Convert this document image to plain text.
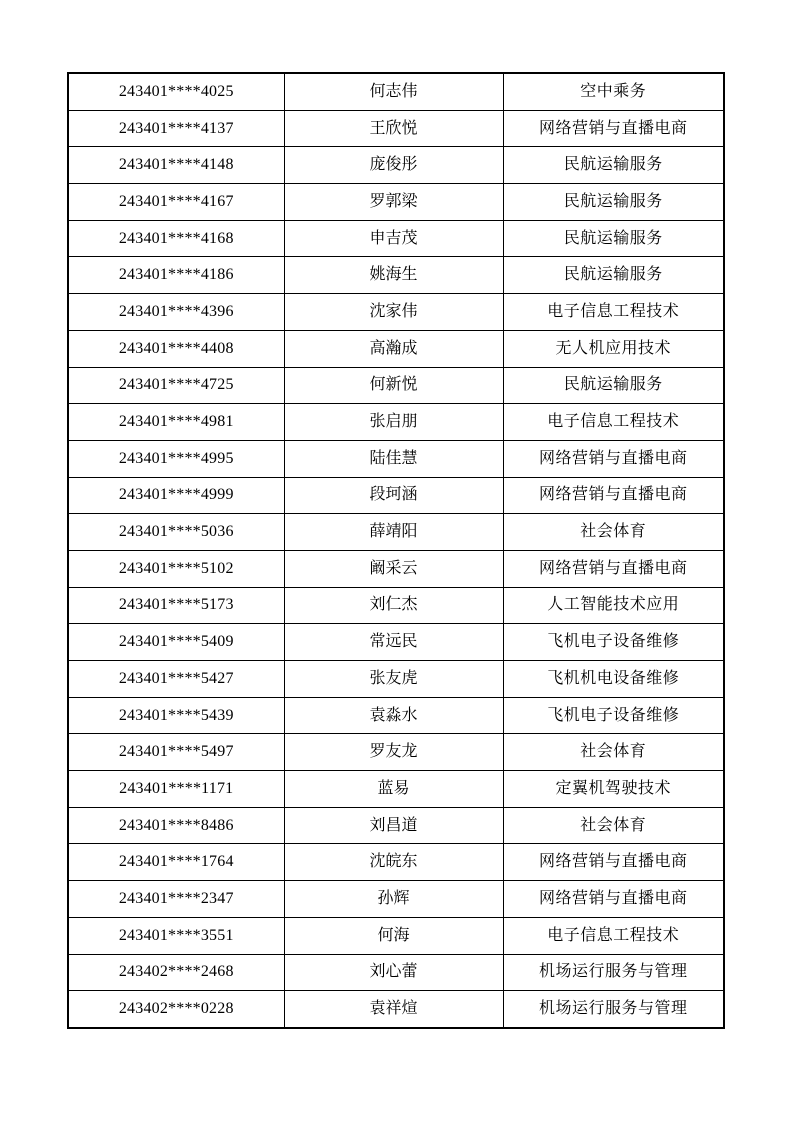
243401****4025	何志伟	空中乘务
243401****4137	王欣悦	网络营销与直播电商
243401****4148	庞俊彤	民航运输服务
243401****4167	罗郭梁	民航运输服务
243401****4168	申吉茂	民航运输服务
243401****4186	姚海生	民航运输服务
243401****4396	沈家伟	电子信息工程技术
243401****4408	高瀚成	无人机应用技术
243401****4725	何新悦	民航运输服务
243401****4981	张启朋	电子信息工程技术
243401****4995	陆佳慧	网络营销与直播电商
243401****4999	段珂涵	网络营销与直播电商
243401****5036	薛靖阳	社会体育
243401****5102	阚采云	网络营销与直播电商
243401****5173	刘仁杰	人工智能技术应用
243401****5409	常远民	飞机电子设备维修
243401****5427	张友虎	飞机机电设备维修
243401****5439	袁淼水	飞机电子设备维修
243401****5497	罗友龙	社会体育
243401****1171	蓝易	定翼机驾驶技术
243401****8486	刘昌道	社会体育
243401****1764	沈皖东	网络营销与直播电商
243401****2347	孙辉	网络营销与直播电商
243401****3551	何海	电子信息工程技术
243402****2468	刘心蕾	机场运行服务与管理
243402****0228	袁祥煊	机场运行服务与管理
